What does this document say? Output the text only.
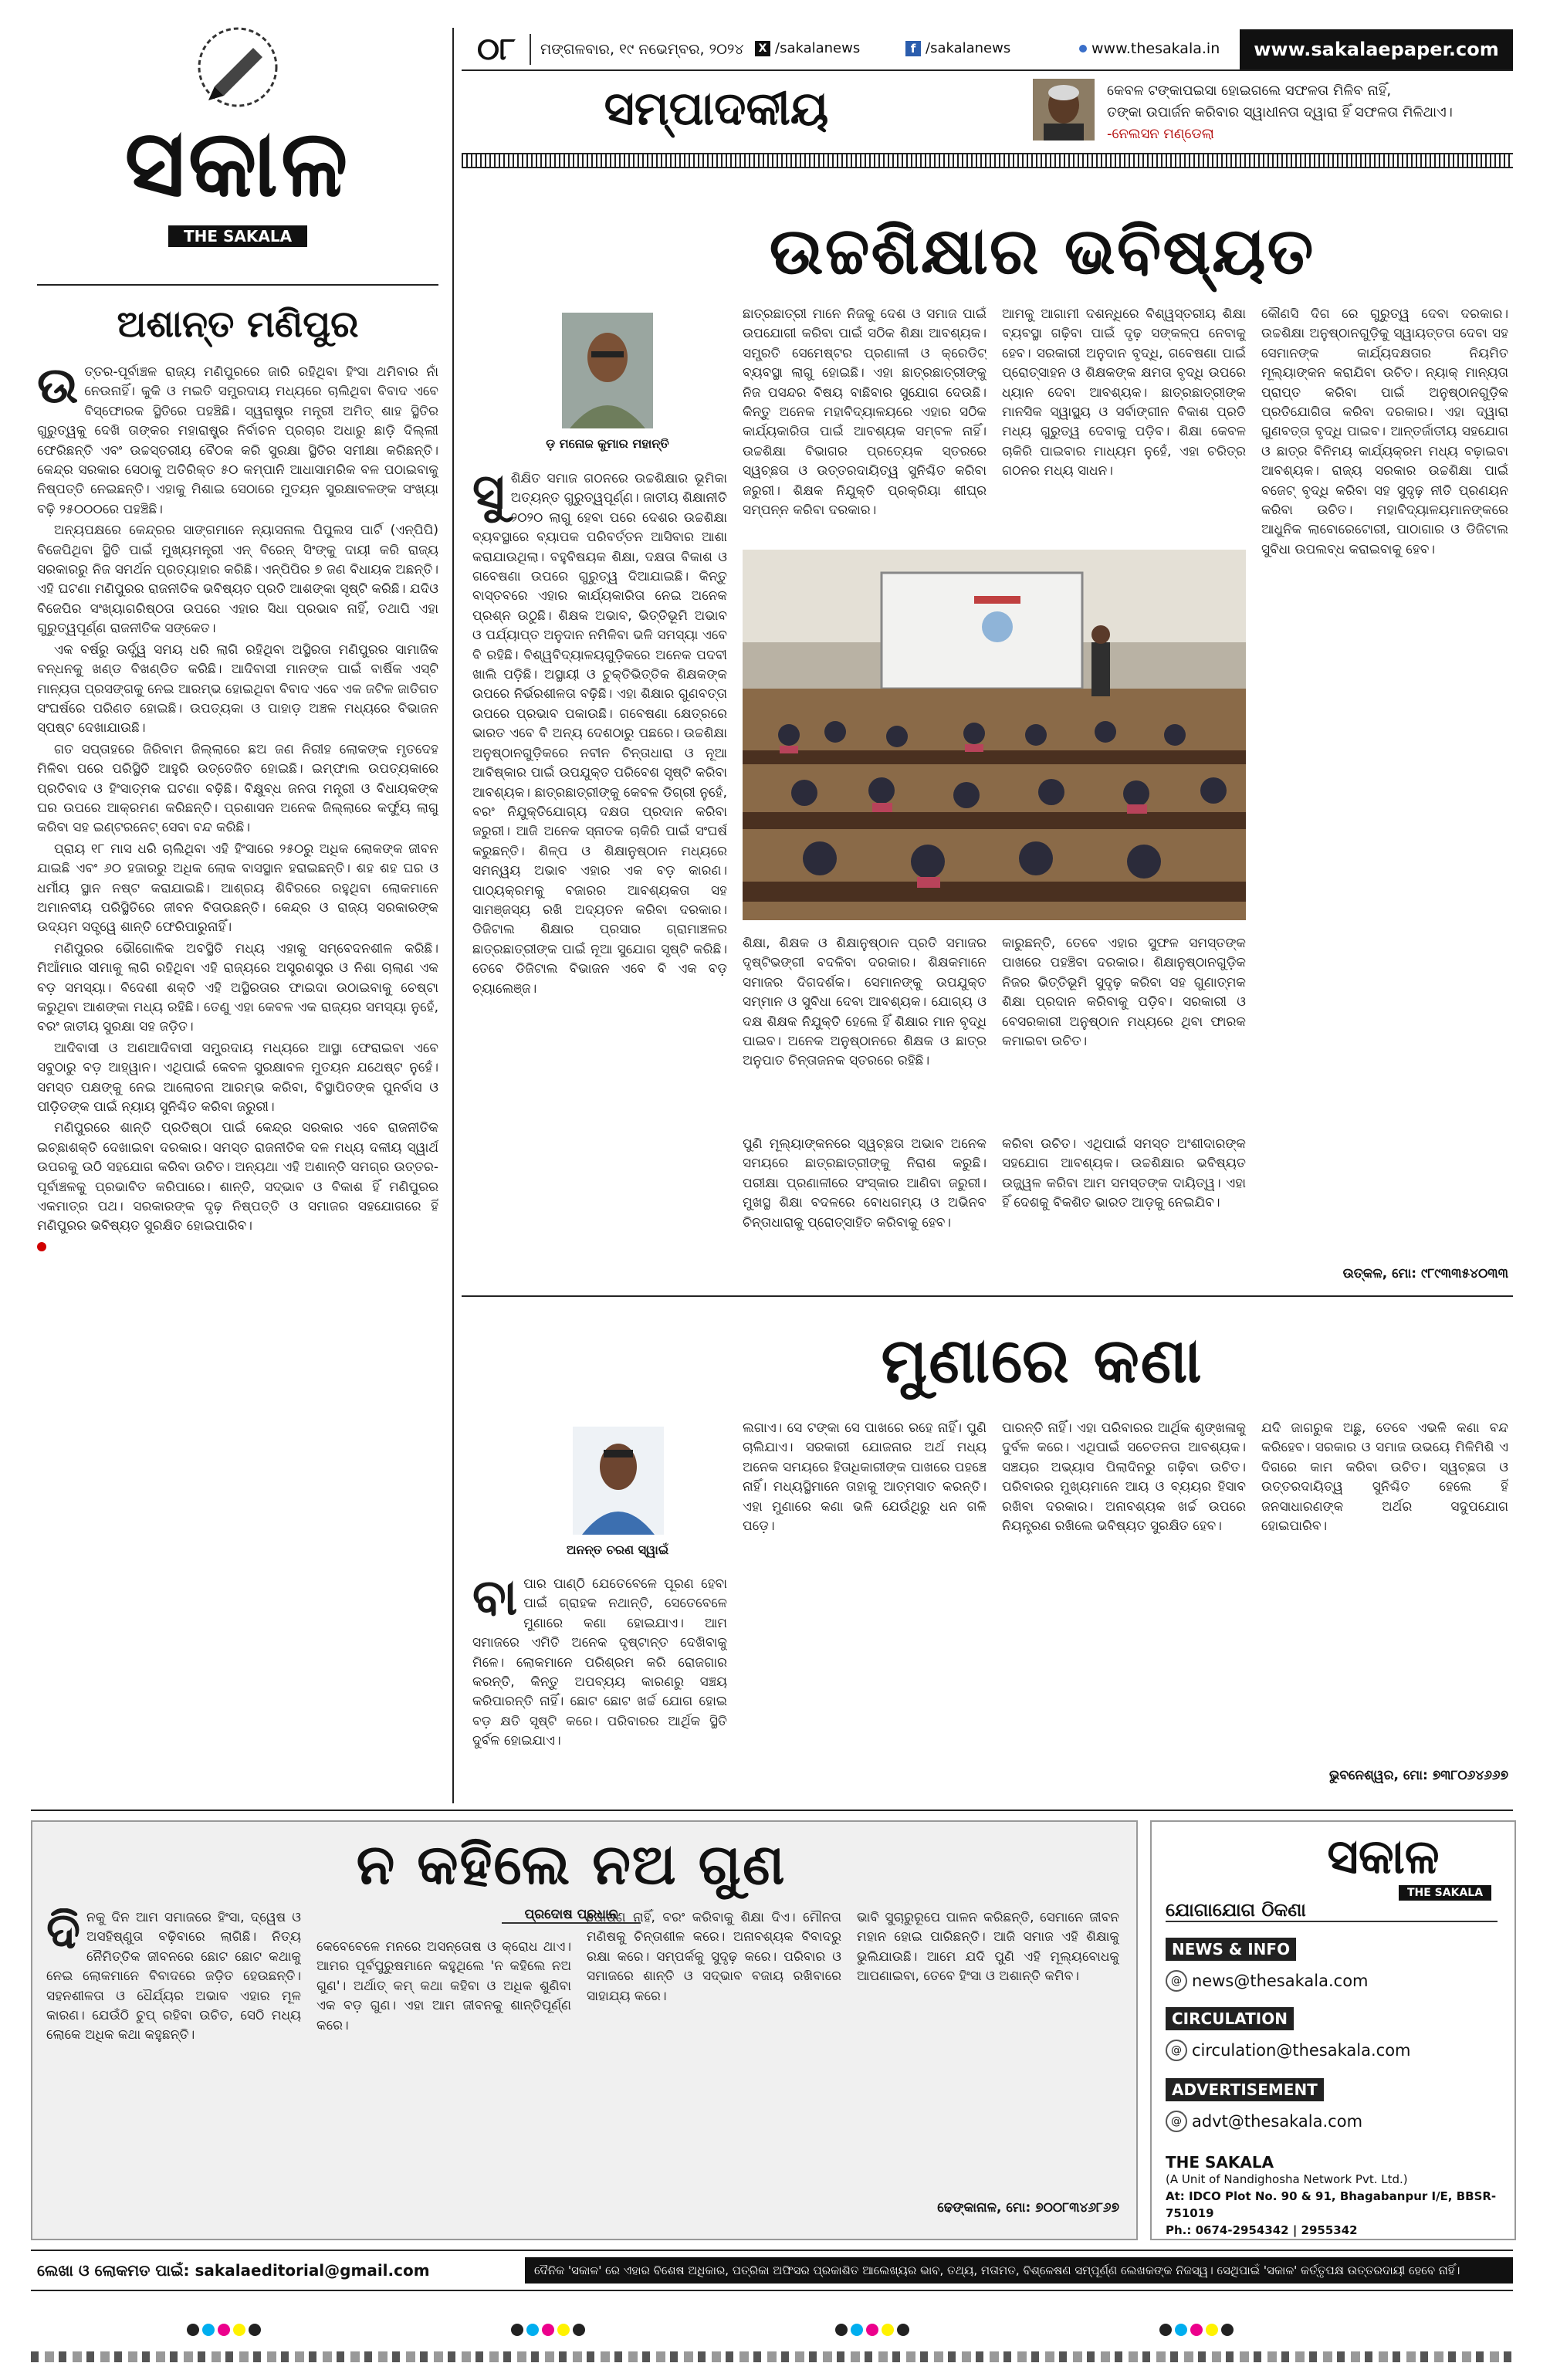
୦୮ ମଙ୍ଗଳବାର, ୧୯ ନଭେମ୍ବର, ୨୦୨୪	X /sakalanews	f /sakalanews	www.thesakala.in	www.sakalaepaper.com
ସମ୍ପାଦକୀୟ	କେବଳ ଟଙ୍କାପଇସା ହୋଇଗଲେ ସଫଳତା ମିଳିବ ନାହିଁ,
ତଙ୍କା ଉପାର୍ଜନ କରିବାର ସ୍ୱାଧୀନତା ଦ୍ୱାରା ହିଁ ସଫଳତା ମିଳିଥାଏ।
-ନେଲସନ ମଣ୍ଡେଲା
ସକାଳ
THE SAKALA
ଅଶାନ୍ତ ମଣିପୁର
ଉ ତ୍ତର-ପୂର୍ବାଞ୍ଚଳ ରାଜ୍ୟ ମଣିପୁରରେ ଜାରି ରହିଥିବା ହିଂସା ଥମିବାର ନାଁ ନେଉନାହିଁ। କୁକି ଓ ମଇତି ସମ୍ପ୍ରଦାୟ ମଧ୍ୟରେ ଚାଲିଥିବା ବିବାଦ ଏବେ ବିସ୍ଫୋରକ ସ୍ଥିତିରେ ପହଞ୍ଚିଛି। ସ୍ୱରାଷ୍ଟ୍ର ମନ୍ତ୍ରୀ ଅମିତ୍ ଶାହ ସ୍ଥିତିର ଗୁରୁତ୍ୱକୁ ଦେଖି ତାଙ୍କର ମହାରାଷ୍ଟ୍ର ନିର୍ବାଚନ ପ୍ରଚାର ଅଧାରୁ ଛାଡ଼ି ଦିଲ୍ଲୀ ଫେରିଛନ୍ତି ଏବଂ ଉଚ୍ଚସ୍ତରୀୟ ବୈଠକ କରି ସୁରକ୍ଷା ସ୍ଥିତିର ସମୀକ୍ଷା କରିଛନ୍ତି। କେନ୍ଦ୍ର ସରକାର ସେଠାକୁ ଅତିରିକ୍ତ ୫୦ କମ୍ପାନି ଆଧାସାମରିକ ବଳ ପଠାଇବାକୁ ନିଷ୍ପତ୍ତି ନେଇଛନ୍ତି। ଏହାକୁ ମିଶାଇ ସେଠାରେ ମୁତୟନ ସୁରକ୍ଷାବଳଙ୍କ ସଂଖ୍ୟା ବଢ଼ି ୨୫୦୦୦ରେ ପହଞ୍ଚିଛି।

ଅନ୍ୟପକ୍ଷରେ କେନ୍ଦ୍ରର ସାଙ୍ଗମାନେ ନ୍ୟାସନାଲ ପିପୁଲସ ପାର୍ଟି (ଏନ୍‌ପିପି) ବିଜେପିଥିବା ସ୍ଥିତି ପାଇଁ ମୁଖ୍ୟମନ୍ତ୍ରୀ ଏନ୍ ବିରେନ୍ ସିଂଙ୍କୁ ଦାୟୀ କରି ରାଜ୍ୟ ସରକାରରୁ ନିଜ ସମର୍ଥନ ପ୍ରତ୍ୟାହାର କରିଛି। ଏନ୍‌ପିପିର ୭ ଜଣ ବିଧାୟକ ଅଛନ୍ତି। ଏହି ଘଟଣା ମଣିପୁରର ରାଜନୀତିକ ଭବିଷ୍ୟତ ପ୍ରତି ଆଶଙ୍କା ସୃଷ୍ଟି କରିଛି। ଯଦିଓ ବିଜେପିର ସଂଖ୍ୟାଗରିଷ୍ଠତା ଉପରେ ଏହାର ସିଧା ପ୍ରଭାବ ନାହିଁ, ତଥାପି ଏହା ଗୁରୁତ୍ୱପୂର୍ଣ୍ଣ ରାଜନୀତିକ ସଙ୍କେତ।

ଏକ ବର୍ଷରୁ ଊର୍ଦ୍ଧ୍ୱ ସମୟ ଧରି ଲାଗି ରହିଥିବା ଅସ୍ଥିରତା ମଣିପୁରର ସାମାଜିକ ବନ୍ଧନକୁ ଖଣ୍ଡ ବିଖଣ୍ଡିତ କରିଛି। ଆଦିବାସୀ ମାନଙ୍କ ପାଇଁ ବାର୍ଷିକ ଏସ୍‌ଟି ମାନ୍ୟତା ପ୍ରସଙ୍ଗକୁ ନେଇ ଆରମ୍ଭ ହୋଇଥିବା ବିବାଦ ଏବେ ଏକ ଜଟିଳ ଜାତିଗତ ସଂଘର୍ଷରେ ପରିଣତ ହୋଇଛି। ଉପତ୍ୟକା ଓ ପାହାଡ଼ ଅଞ୍ଚଳ ମଧ୍ୟରେ ବିଭାଜନ ସ୍ପଷ୍ଟ ଦେଖାଯାଉଛି।

ଗତ ସପ୍ତାହରେ ଜିରିବାମ ଜିଲ୍ଲାରେ ଛଅ ଜଣ ନିରୀହ ଲୋକଙ୍କ ମୃତଦେହ ମିଳିବା ପରେ ପରିସ୍ଥିତି ଆହୁରି ଉତ୍ତେଜିତ ହୋଇଛି। ଇମ୍ଫାଲ ଉପତ୍ୟକାରେ ପ୍ରତିବାଦ ଓ ହିଂସାତ୍ମକ ଘଟଣା ବଢ଼ିଛି। ବିକ୍ଷୁବ୍ଧ ଜନତା ମନ୍ତ୍ରୀ ଓ ବିଧାୟକଙ୍କ ଘର ଉପରେ ଆକ୍ରମଣ କରିଛନ୍ତି। ପ୍ରଶାସନ ଅନେକ ଜିଲ୍ଲାରେ କର୍ଫ୍ୟୁ ଲାଗୁ କରିବା ସହ ଇଣ୍ଟରନେଟ୍ ସେବା ବନ୍ଦ କରିଛି।

ପ୍ରାୟ ୧୮ ମାସ ଧରି ଚାଲିଥିବା ଏହି ହିଂସାରେ ୨୫୦ରୁ ଅଧିକ ଲୋକଙ୍କ ଜୀବନ ଯାଇଛି ଏବଂ ୬୦ ହଜାରରୁ ଅଧିକ ଲୋକ ବାସସ୍ଥାନ ହରାଇଛନ୍ତି। ଶହ ଶହ ଘର ଓ ଧର୍ମୀୟ ସ୍ଥାନ ନଷ୍ଟ କରାଯାଇଛି। ଆଶ୍ରୟ ଶିବିରରେ ରହୁଥିବା ଲୋକମାନେ ଅମାନବୀୟ ପରିସ୍ଥିତିରେ ଜୀବନ ବିତାଉଛନ୍ତି। କେନ୍ଦ୍ର ଓ ରାଜ୍ୟ ସରକାରଙ୍କ ଉଦ୍ୟମ ସତ୍ତ୍ୱେ ଶାନ୍ତି ଫେରିପାରୁନାହିଁ।

ମଣିପୁରର ଭୌଗୋଳିକ ଅବସ୍ଥିତି ମଧ୍ୟ ଏହାକୁ ସମ୍ବେଦନଶୀଳ କରିଛି। ମିଆଁମାର ସୀମାକୁ ଲାଗି ରହିଥିବା ଏହି ରାଜ୍ୟରେ ଅସ୍ତ୍ରଶସ୍ତ୍ର ଓ ନିଶା ଚାଲାଣ ଏକ ବଡ଼ ସମସ୍ୟା। ବିଦେଶୀ ଶକ୍ତି ଏହି ଅସ୍ଥିରତାର ଫାଇଦା ଉଠାଇବାକୁ ଚେଷ୍ଟା କରୁଥିବା ଆଶଙ୍କା ମଧ୍ୟ ରହିଛି। ତେଣୁ ଏହା କେବଳ ଏକ ରାଜ୍ୟର ସମସ୍ୟା ନୁହେଁ, ବରଂ ଜାତୀୟ ସୁରକ୍ଷା ସହ ଜଡ଼ିତ।

ଆଦିବାସୀ ଓ ଅଣଆଦିବାସୀ ସମ୍ପ୍ରଦାୟ ମଧ୍ୟରେ ଆସ୍ଥା ଫେରାଇବା ଏବେ ସବୁଠାରୁ ବଡ଼ ଆହ୍ୱାନ। ଏଥିପାଇଁ କେବଳ ସୁରକ୍ଷାବଳ ମୁତୟନ ଯଥେଷ୍ଟ ନୁହେଁ। ସମସ୍ତ ପକ୍ଷଙ୍କୁ ନେଇ ଆଲୋଚନା ଆରମ୍ଭ କରିବା, ବିସ୍ଥାପିତଙ୍କ ପୁନର୍ବାସ ଓ ପୀଡ଼ିତଙ୍କ ପାଇଁ ନ୍ୟାୟ ସୁନିଶ୍ଚିତ କରିବା ଜରୁରୀ।

ମଣିପୁରରେ ଶାନ୍ତି ପ୍ରତିଷ୍ଠା ପାଇଁ କେନ୍ଦ୍ର ସରକାର ଏବେ ରାଜନୀତିକ ଇଚ୍ଛାଶକ୍ତି ଦେଖାଇବା ଦରକାର। ସମସ୍ତ ରାଜନୀତିକ ଦଳ ମଧ୍ୟ ଦଳୀୟ ସ୍ୱାର୍ଥ ଉପରକୁ ଉଠି ସହଯୋଗ କରିବା ଉଚିତ। ଅନ୍ୟଥା ଏହି ଅଶାନ୍ତି ସମଗ୍ର ଉତ୍ତର-ପୂର୍ବାଞ୍ଚଳକୁ ପ୍ରଭାବିତ କରିପାରେ। ଶାନ୍ତି, ସଦ୍‌ଭାବ ଓ ବିକାଶ ହିଁ ମଣିପୁରର ଏକମାତ୍ର ପଥ। ସରକାରଙ୍କ ଦୃଢ଼ ନିଷ୍ପତ୍ତି ଓ ସମାଜର ସହଯୋଗରେ ହିଁ ମଣିପୁରର ଭବିଷ୍ୟତ ସୁରକ୍ଷିତ ହୋଇପାରିବ।

ଉଚ୍ଚଶିକ୍ଷାର ଭବିଷ୍ୟତ
ଡ଼ ମନୋଜ କୁମାର ମହାନ୍ତି
ସୁ ଶିକ୍ଷିତ ସମାଜ ଗଠନରେ ଉଚ୍ଚଶିକ୍ଷାର ଭୂମିକା ଅତ୍ୟନ୍ତ ଗୁରୁତ୍ୱପୂର୍ଣ୍ଣ। ଜାତୀୟ ଶିକ୍ଷାନୀତି ୨୦୨୦ ଲାଗୁ ହେବା ପରେ ଦେଶର ଉଚ୍ଚଶିକ୍ଷା ବ୍ୟବସ୍ଥାରେ ବ୍ୟାପକ ପରିବର୍ତ୍ତନ ଆସିବାର ଆଶା କରାଯାଉଥିଲା। ବହୁବିଷୟକ ଶିକ୍ଷା, ଦକ୍ଷତା ବିକାଶ ଓ ଗବେଷଣା ଉପରେ ଗୁରୁତ୍ୱ ଦିଆଯାଇଛି। କିନ୍ତୁ ବାସ୍ତବରେ ଏହାର କାର୍ଯ୍ୟକାରିତା ନେଇ ଅନେକ ପ୍ରଶ୍ନ ଉଠୁଛି। ଶିକ୍ଷକ ଅଭାବ, ଭିତ୍ତିଭୂମି ଅଭାବ ଓ ପର୍ଯ୍ୟାପ୍ତ ଅନୁଦାନ ନମିଳିବା ଭଳି ସମସ୍ୟା ଏବେ ବି ରହିଛି। ବିଶ୍ୱବିଦ୍ୟାଳୟଗୁଡ଼ିକରେ ଅନେକ ପଦବୀ ଖାଲି ପଡ଼ିଛି। ଅସ୍ଥାୟୀ ଓ ଚୁକ୍ତିଭିତ୍ତିକ ଶିକ୍ଷକଙ୍କ ଉପରେ ନିର୍ଭରଶୀଳତା ବଢ଼ିଛି। ଏହା ଶିକ୍ଷାର ଗୁଣବତ୍ତା ଉପରେ ପ୍ରଭାବ ପକାଉଛି। ଗବେଷଣା କ୍ଷେତ୍ରରେ ଭାରତ ଏବେ ବି ଅନ୍ୟ ଦେଶଠାରୁ ପଛରେ। ଉଚ୍ଚଶିକ୍ଷା ଅନୁଷ୍ଠାନଗୁଡ଼ିକରେ ନବୀନ ଚିନ୍ତାଧାରା ଓ ନୂଆ ଆବିଷ୍କାର ପାଇଁ ଉପଯୁକ୍ତ ପରିବେଶ ସୃଷ୍ଟି କରିବା ଆବଶ୍ୟକ। ଛାତ୍ରଛାତ୍ରୀଙ୍କୁ କେବଳ ଡିଗ୍ରୀ ନୁହେଁ, ବରଂ ନିଯୁକ୍ତିଯୋଗ୍ୟ ଦକ୍ଷତା ପ୍ରଦାନ କରିବା ଜରୁରୀ। ଆଜି ଅନେକ ସ୍ନାତକ ଚାକିରି ପାଇଁ ସଂଘର୍ଷ କରୁଛନ୍ତି। ଶିଳ୍ପ ଓ ଶିକ୍ଷାନୁଷ୍ଠାନ ମଧ୍ୟରେ ସମନ୍ୱୟ ଅଭାବ ଏହାର ଏକ ବଡ଼ କାରଣ। ପାଠ୍ୟକ୍ରମକୁ ବଜାରର ଆବଶ୍ୟକତା ସହ ସାମଞ୍ଜସ୍ୟ ରଖି ଅଦ୍ୟତନ କରିବା ଦରକାର। ଡିଜିଟାଲ ଶିକ୍ଷାର ପ୍ରସାର ଗ୍ରାମାଞ୍ଚଳର ଛାତ୍ରଛାତ୍ରୀଙ୍କ ପାଇଁ ନୂଆ ସୁଯୋଗ ସୃଷ୍ଟି କରିଛି। ତେବେ ଡିଜିଟାଲ ବିଭାଜନ ଏବେ ବି ଏକ ବଡ଼ ଚ୍ୟାଲେଞ୍ଜ।

ଛାତ୍ରଛାତ୍ରୀ ମାନେ ନିଜକୁ ଦେଶ ଓ ସମାଜ ପାଇଁ ଉପଯୋଗୀ କରିବା ପାଇଁ ସଠିକ ଶିକ୍ଷା ଆବଶ୍ୟକ। ସମ୍ପ୍ରତି ସେମେଷ୍ଟର ପ୍ରଣାଳୀ ଓ କ୍ରେଡିଟ୍ ବ୍ୟବସ୍ଥା ଲାଗୁ ହୋଇଛି। ଏହା ଛାତ୍ରଛାତ୍ରୀଙ୍କୁ ନିଜ ପସନ୍ଦର ବିଷୟ ବାଛିବାର ସୁଯୋଗ ଦେଉଛି। କିନ୍ତୁ ଅନେକ ମହାବିଦ୍ୟାଳୟରେ ଏହାର ସଠିକ କାର୍ଯ୍ୟକାରିତା ପାଇଁ ଆବଶ୍ୟକ ସମ୍ବଳ ନାହିଁ। ଉଚ୍ଚଶିକ୍ଷା ବିଭାଗର ପ୍ରତ୍ୟେକ ସ୍ତରରେ ସ୍ୱଚ୍ଛତା ଓ ଉତ୍ତରଦାୟିତ୍ୱ ସୁନିଶ୍ଚିତ କରିବା ଜରୁରୀ। ଶିକ୍ଷକ ନିଯୁକ୍ତି ପ୍ରକ୍ରିୟା ଶୀଘ୍ର ସମ୍ପନ୍ନ କରିବା ଦରକାର।

ଆମକୁ ଆଗାମୀ ଦଶନ୍ଧିରେ ବିଶ୍ୱସ୍ତରୀୟ ଶିକ୍ଷା ବ୍ୟବସ୍ଥା ଗଢ଼ିବା ପାଇଁ ଦୃଢ଼ ସଙ୍କଳ୍ପ ନେବାକୁ ହେବ। ସରକାରୀ ଅନୁଦାନ ବୃଦ୍ଧି, ଗବେଷଣା ପାଇଁ ପ୍ରୋତ୍ସାହନ ଓ ଶିକ୍ଷକଙ୍କ କ୍ଷମତା ବୃଦ୍ଧି ଉପରେ ଧ୍ୟାନ ଦେବା ଆବଶ୍ୟକ। ଛାତ୍ରଛାତ୍ରୀଙ୍କ ମାନସିକ ସ୍ୱାସ୍ଥ୍ୟ ଓ ସର୍ବାଙ୍ଗୀନ ବିକାଶ ପ୍ରତି ମଧ୍ୟ ଗୁରୁତ୍ୱ ଦେବାକୁ ପଡ଼ିବ। ଶିକ୍ଷା କେବଳ ଚାକିରି ପାଇବାର ମାଧ୍ୟମ ନୁହେଁ, ଏହା ଚରିତ୍ର ଗଠନର ମଧ୍ୟ ସାଧନ।

କୌଣସି ଦିଗ ରେ ଗୁରୁତ୍ୱ ଦେବା ଦରକାର। ଉଚ୍ଚଶିକ୍ଷା ଅନୁଷ୍ଠାନଗୁଡ଼ିକୁ ସ୍ୱାୟତ୍ତତା ଦେବା ସହ ସେମାନଙ୍କ କାର୍ଯ୍ୟଦକ୍ଷତାର ନିୟମିତ ମୂଲ୍ୟାଙ୍କନ କରାଯିବା ଉଚିତ। ନ୍ୟାକ୍ ମାନ୍ୟତା ପ୍ରାପ୍ତ କରିବା ପାଇଁ ଅନୁଷ୍ଠାନଗୁଡ଼ିକ ପ୍ରତିଯୋଗିତା କରିବା ଦରକାର। ଏହା ଦ୍ୱାରା ଗୁଣବତ୍ତା ବୃଦ୍ଧି ପାଇବ। ଆନ୍ତର୍ଜାତୀୟ ସହଯୋଗ ଓ ଛାତ୍ର ବିନିମୟ କାର୍ଯ୍ୟକ୍ରମ ମଧ୍ୟ ବଢ଼ାଇବା ଆବଶ୍ୟକ। ରାଜ୍ୟ ସରକାର ଉଚ୍ଚଶିକ୍ଷା ପାଇଁ ବଜେଟ୍ ବୃଦ୍ଧି କରିବା ସହ ସୁଦୃଢ଼ ନୀତି ପ୍ରଣୟନ କରିବା ଉଚିତ। ମହାବିଦ୍ୟାଳୟମାନଙ୍କରେ ଆଧୁନିକ ଲାବୋରେଟୋରୀ, ପାଠାଗାର ଓ ଡିଜିଟାଲ ସୁବିଧା ଉପଲବ୍ଧ କରାଇବାକୁ ହେବ।

ଶିକ୍ଷା, ଶିକ୍ଷକ ଓ ଶିକ୍ଷାନୁଷ୍ଠାନ ପ୍ରତି ସମାଜର ଦୃଷ୍ଟିଭଙ୍ଗୀ ବଦଳିବା ଦରକାର। ଶିକ୍ଷକମାନେ ସମାଜର ଦିଗଦର୍ଶକ। ସେମାନଙ୍କୁ ଉପଯୁକ୍ତ ସମ୍ମାନ ଓ ସୁବିଧା ଦେବା ଆବଶ୍ୟକ। ଯୋଗ୍ୟ ଓ ଦକ୍ଷ ଶିକ୍ଷକ ନିଯୁକ୍ତି ହେଲେ ହିଁ ଶିକ୍ଷାର ମାନ ବୃଦ୍ଧି ପାଇବ। ଅନେକ ଅନୁଷ୍ଠାନରେ ଶିକ୍ଷକ ଓ ଛାତ୍ର ଅନୁପାତ ଚିନ୍ତାଜନକ ସ୍ତରରେ ରହିଛି।

କାରୁଛନ୍ତି, ତେବେ ଏହାର ସୁଫଳ ସମସ୍ତଙ୍କ ପାଖରେ ପହଞ୍ଚିବା ଦରକାର। ଶିକ୍ଷାନୁଷ୍ଠାନଗୁଡ଼ିକ ନିଜର ଭିତ୍ତିଭୂମି ସୁଦୃଢ଼ କରିବା ସହ ଗୁଣାତ୍ମକ ଶିକ୍ଷା ପ୍ରଦାନ କରିବାକୁ ପଡ଼ିବ। ସରକାରୀ ଓ ବେସରକାରୀ ଅନୁଷ୍ଠାନ ମଧ୍ୟରେ ଥିବା ଫାରକ କମାଇବା ଉଚିତ।

ପୁଣି ମୂଲ୍ୟାଙ୍କନରେ ସ୍ୱଚ୍ଛତା ଅଭାବ ଅନେକ ସମୟରେ ଛାତ୍ରଛାତ୍ରୀଙ୍କୁ ନିରାଶ କରୁଛି। ପରୀକ୍ଷା ପ୍ରଣାଳୀରେ ସଂସ୍କାର ଆଣିବା ଜରୁରୀ। ମୁଖସ୍ଥ ଶିକ୍ଷା ବଦଳରେ ବୋଧଗମ୍ୟ ଓ ଅଭିନବ ଚିନ୍ତାଧାରାକୁ ପ୍ରୋତ୍ସାହିତ କରିବାକୁ ହେବ।

କରିବା ଉଚିତ। ଏଥିପାଇଁ ସମସ୍ତ ଅଂଶୀଦାରଙ୍କ ସହଯୋଗ ଆବଶ୍ୟକ। ଉଚ୍ଚଶିକ୍ଷାର ଭବିଷ୍ୟତ ଉଜ୍ଜ୍ୱଳ କରିବା ଆମ ସମସ୍ତଙ୍କ ଦାୟିତ୍ୱ। ଏହା ହିଁ ଦେଶକୁ ବିକଶିତ ଭାରତ ଆଡ଼କୁ ନେଇଯିବ।

ଉତ୍କଳ, ମୋ: ୯୮୯୩୩୫୪୦୩୩
ମୁଣାରେ କଣା
ଅନନ୍ତ ଚରଣ ସ୍ୱାଇଁ
ବା ପାର ପାଣ୍ଠି ଯେତେବେଳେ ପୂରଣ ହେବା ପାଇଁ ଗ୍ରାହକ ନଥାନ୍ତି, ସେତେବେଳେ ମୁଣାରେ କଣା ହୋଇଯାଏ। ଆମ ସମାଜରେ ଏମିତି ଅନେକ ଦୃଷ୍ଟାନ୍ତ ଦେଖିବାକୁ ମିଳେ। ଲୋକମାନେ ପରିଶ୍ରମ କରି ରୋଜଗାର କରନ୍ତି, କିନ୍ତୁ ଅପବ୍ୟୟ କାରଣରୁ ସଞ୍ଚୟ କରିପାରନ୍ତି ନାହିଁ। ଛୋଟ ଛୋଟ ଖର୍ଚ୍ଚ ଯୋଗ ହୋଇ ବଡ଼ କ୍ଷତି ସୃଷ୍ଟି କରେ। ପରିବାରର ଆର୍ଥିକ ସ୍ଥିତି ଦୁର୍ବଳ ହୋଇଯାଏ।

ଲଗାଏ। ସେ ଟଙ୍କା ସେ ପାଖରେ ରହେ ନାହିଁ। ପୁଣି ଚାଲିଯାଏ। ସରକାରୀ ଯୋଜନାର ଅର୍ଥ ମଧ୍ୟ ଅନେକ ସମୟରେ ହିତାଧିକାରୀଙ୍କ ପାଖରେ ପହଞ୍ଚେ ନାହିଁ। ମଧ୍ୟସ୍ଥିମାନେ ତାହାକୁ ଆତ୍ମସାତ କରନ୍ତି। ଏହା ମୁଣାରେ କଣା ଭଳି ଯେଉଁଥିରୁ ଧନ ଗଳି ପଡ଼େ।

ପାରନ୍ତି ନାହିଁ। ଏହା ପରିବାରର ଆର୍ଥିକ ଶୃଙ୍ଖଳାକୁ ଦୁର୍ବଳ କରେ। ଏଥିପାଇଁ ସଚେତନତା ଆବଶ୍ୟକ। ସଞ୍ଚୟର ଅଭ୍ୟାସ ପିଲାଦିନରୁ ଗଢ଼ିବା ଉଚିତ। ପରିବାରର ମୁଖ୍ୟମାନେ ଆୟ ଓ ବ୍ୟୟର ହିସାବ ରଖିବା ଦରକାର। ଅନାବଶ୍ୟକ ଖର୍ଚ୍ଚ ଉପରେ ନିୟନ୍ତ୍ରଣ ରଖିଲେ ଭବିଷ୍ୟତ ସୁରକ୍ଷିତ ହେବ।

ଯଦି ଜାଗରୁକ ଅଛୁ, ତେବେ ଏଭଳି କଣା ବନ୍ଦ କରିହେବ। ସରକାର ଓ ସମାଜ ଉଭୟେ ମିଳିମିଶି ଏ ଦିଗରେ କାମ କରିବା ଉଚିତ। ସ୍ୱଚ୍ଛତା ଓ ଉତ୍ତରଦାୟିତ୍ୱ ସୁନିଶ୍ଚିତ ହେଲେ ହିଁ ଜନସାଧାରଣଙ୍କ ଅର୍ଥର ସଦୁପଯୋଗ ହୋଇପାରିବ।

ଭୁବନେଶ୍ୱର, ମୋ: ୭୩୮୦୬୪୬୬୭
ନ କହିଲେ ନଅ ଗୁଣ
ପ୍ରଦୋଷ ପ୍ରଧାନ
ଦି ନକୁ ଦିନ ଆମ ସମାଜରେ ହିଂସା, ଦ୍ୱେଷ ଓ ଅସହିଷ୍ଣୁତା ବଢ଼ିବାରେ ଲାଗିଛି। ନିତ୍ୟ ନୈମିତ୍ତିକ ଜୀବନରେ ଛୋଟ ଛୋଟ କଥାକୁ ନେଇ ଲୋକମାନେ ବିବାଦରେ ଜଡ଼ିତ ହେଉଛନ୍ତି। ସହନଶୀଳତା ଓ ଧୈର୍ଯ୍ୟର ଅଭାବ ଏହାର ମୂଳ କାରଣ। ଯେଉଁଠି ଚୁପ୍ ରହିବା ଉଚିତ, ସେଠି ମଧ୍ୟ ଲୋକେ ଅଧିକ କଥା କହୁଛନ୍ତି।

କେବେବେଳେ ମନରେ ଅସନ୍ତୋଷ ଓ କ୍ରୋଧ ଥାଏ। ଆମର ପୂର୍ବପୁରୁଷମାନେ କହୁଥିଲେ 'ନ କହିଲେ ନଅ ଗୁଣ'। ଅର୍ଥାତ୍ କମ୍ କଥା କହିବା ଓ ଅଧିକ ଶୁଣିବା ଏକ ବଡ଼ ଗୁଣ। ଏହା ଆମ ଜୀବନକୁ ଶାନ୍ତିପୂର୍ଣ୍ଣ କରେ।

ପୋଷଣ ନାହିଁ, ବରଂ କରିବାକୁ ଶିକ୍ଷା ଦିଏ। ମୌନତା ମଣିଷକୁ ଚିନ୍ତାଶୀଳ କରେ। ଅନାବଶ୍ୟକ ବିବାଦରୁ ରକ୍ଷା କରେ। ସମ୍ପର୍କକୁ ସୁଦୃଢ଼ କରେ। ପରିବାର ଓ ସମାଜରେ ଶାନ୍ତି ଓ ସଦ୍‌ଭାବ ବଜାୟ ରଖିବାରେ ସାହାଯ୍ୟ କରେ।

ଭାବି ସୁଚାରୁରୂପେ ପାଳନ କରିଛନ୍ତି, ସେମାନେ ଜୀବନ ମହାନ ହୋଇ ପାରିଛନ୍ତି। ଆଜି ସମାଜ ଏହି ଶିକ୍ଷାକୁ ଭୁଲିଯାଉଛି। ଆମେ ଯଦି ପୁଣି ଏହି ମୂଲ୍ୟବୋଧକୁ ଆପଣାଇବା, ତେବେ ହିଂସା ଓ ଅଶାନ୍ତି କମିବ।

ଢେଙ୍କାନାଳ, ମୋ: ୭୦୦୮୩୪୬୮୬୭
ସକାଳ
THE SAKALA
ଯୋଗାଯୋଗ ଠିକଣା
NEWS & INFO
@ news@thesakala.com
CIRCULATION
@ circulation@thesakala.com
ADVERTISEMENT
@ advt@thesakala.com
THE SAKALA
(A Unit of Nandighosha Network Pvt. Ltd.)
At: IDCO Plot No. 90 & 91, Bhagabanpur I/E, BBSR-751019
Ph.: 0674-2954342 | 2955342
ଲେଖା ଓ ଲୋକମତ ପାଇଁ: sakalaeditorial@gmail.com	ଦୈନିକ 'ସକାଳ' ରେ ଏହାର ବିଶେଷ ଅଧିକାର, ପତ୍ରିକା ଅଫିସର ପ୍ରକାଶିତ ଆଲେଖ୍ୟର ଭାବ, ତଥ୍ୟ, ମତାମତ, ବିଶ୍ଳେଷଣ ସମ୍ପୂର୍ଣ୍ଣ ଲେଖକଙ୍କ ନିଜସ୍ୱ। ସେଥିପାଇଁ 'ସକାଳ' କର୍ତ୍ତୃପକ୍ଷ ଉତ୍ତରଦାୟୀ ହେବେ ନାହିଁ।
